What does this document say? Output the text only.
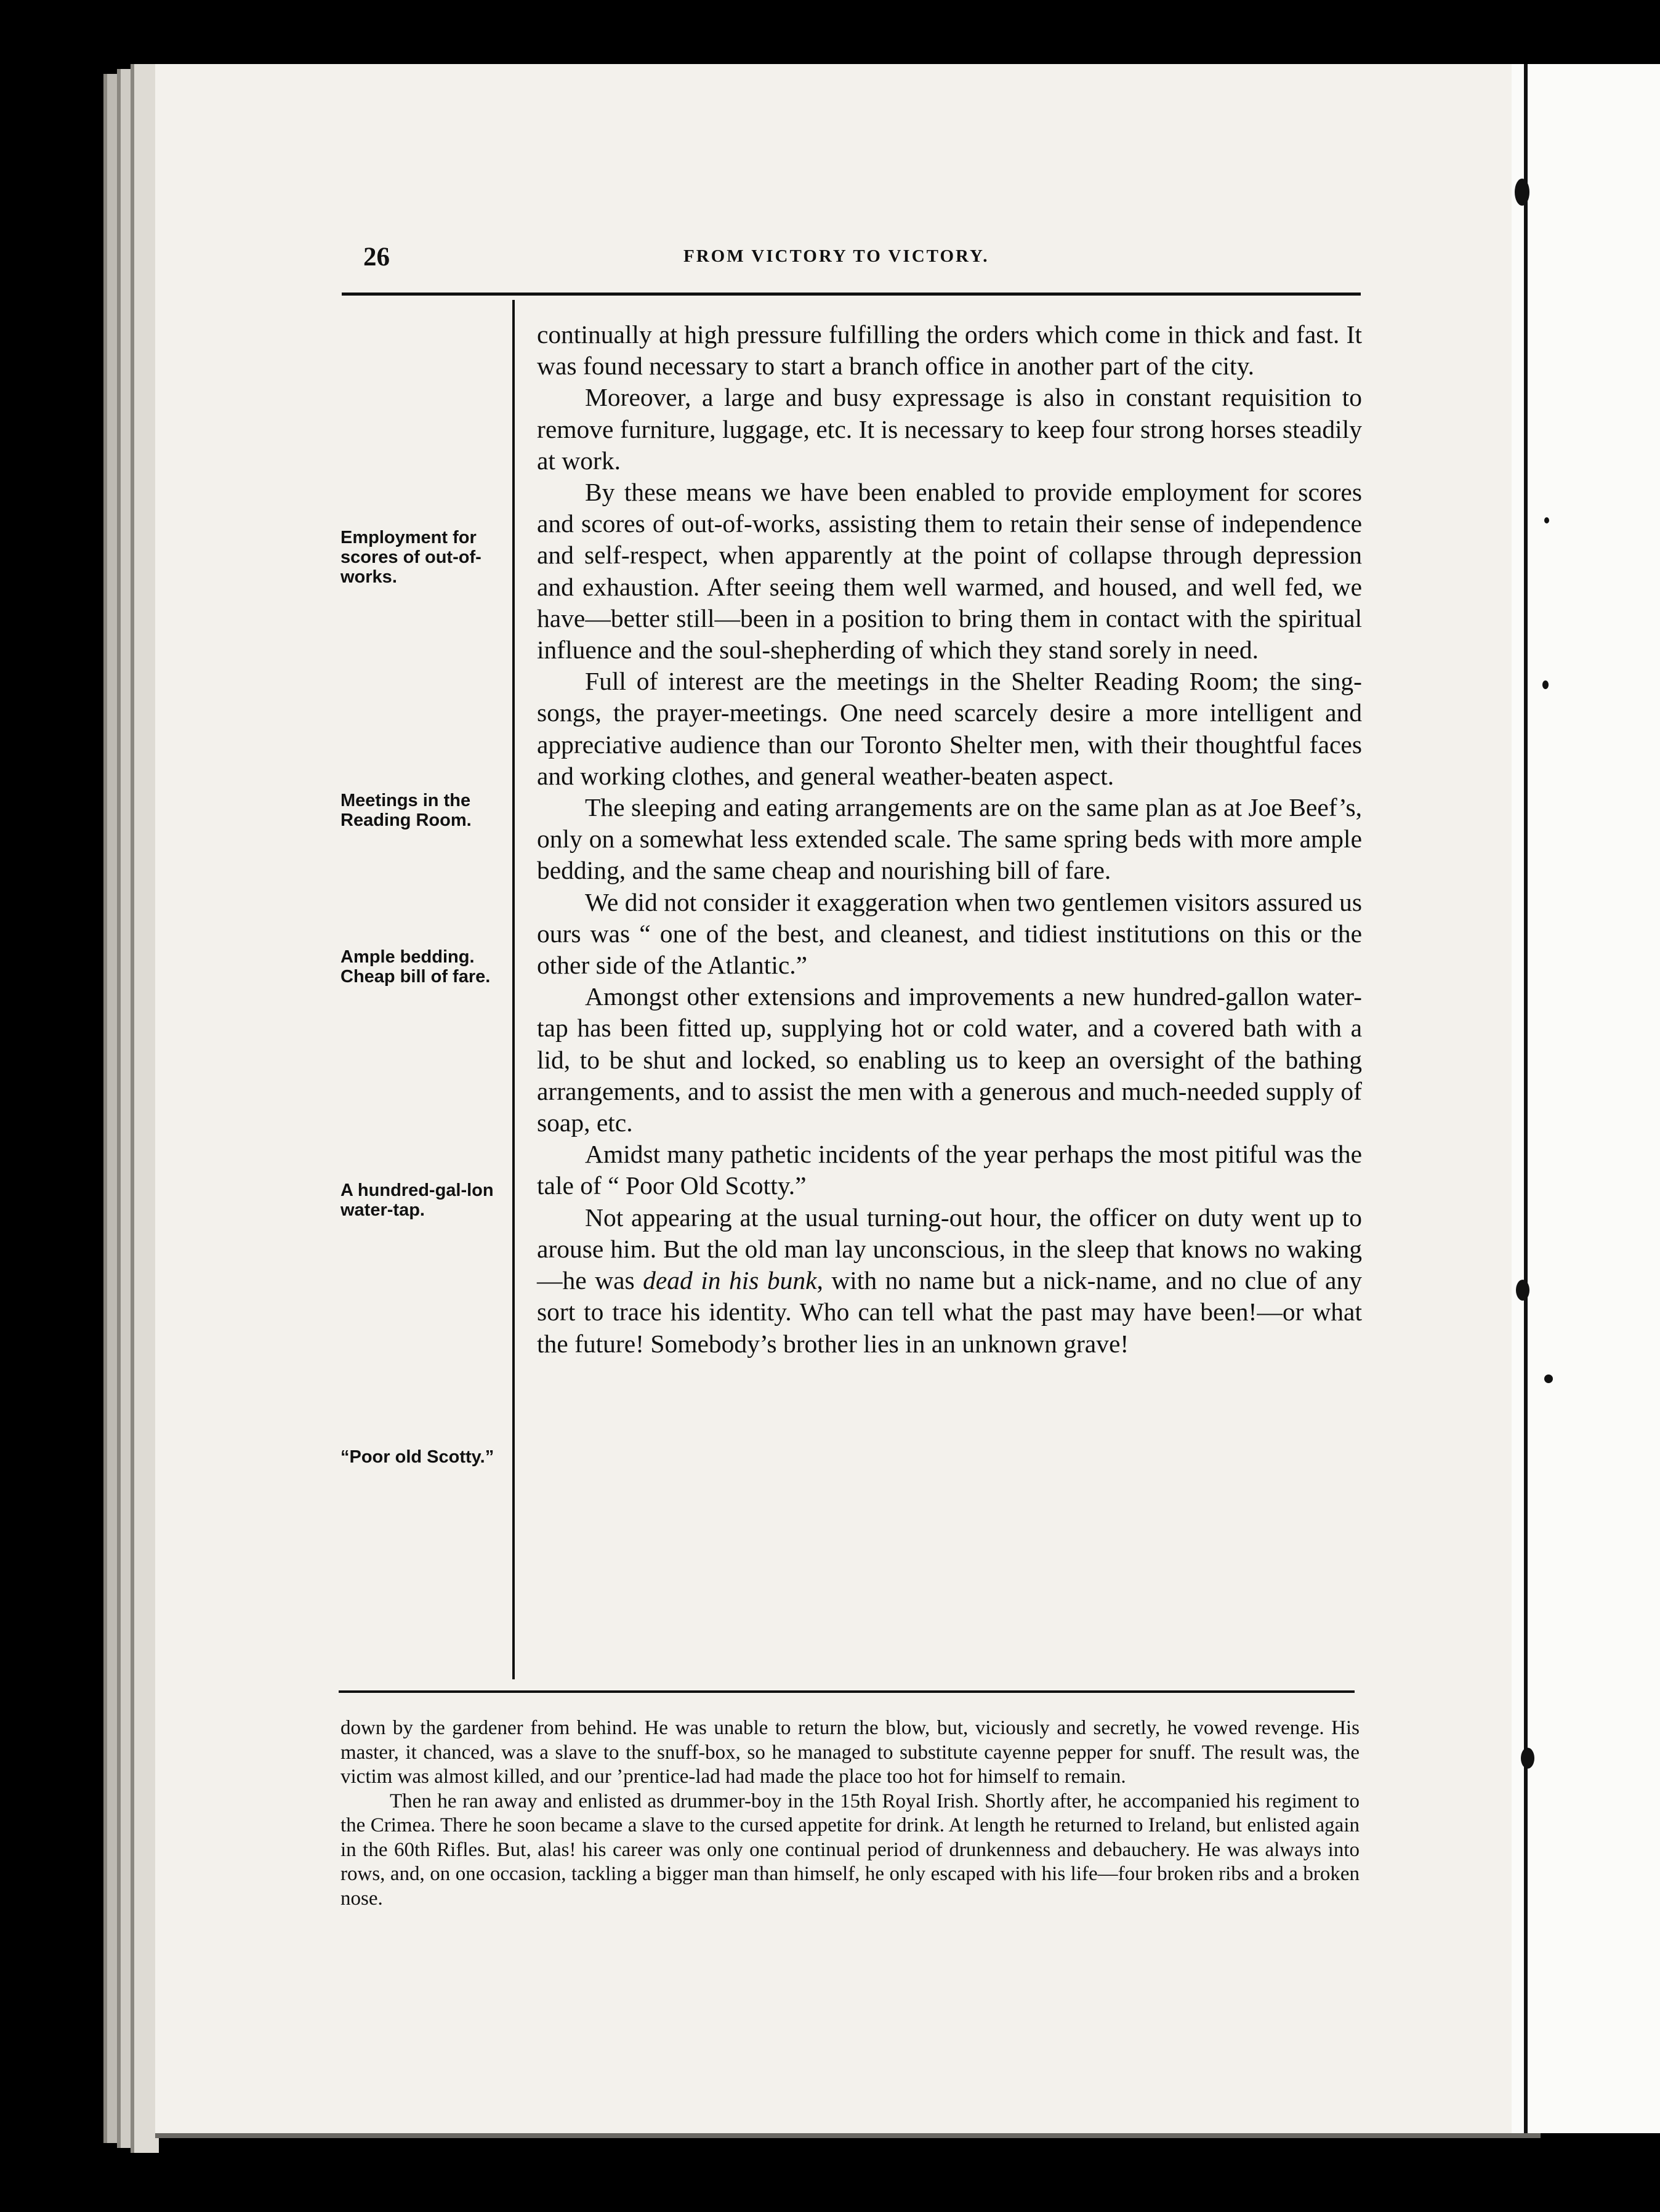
26	FROM VICTORY TO VICTORY.
Employment for scores of out-of-works.
Meetings in the Reading Room.
Ample bedding. Cheap bill of fare.
A hundred-gal-lon water-tap.
“Poor old Scotty.”

continually at high pressure fulfilling the orders which come in thick and fast. It was found necessary to start a branch office in another part of the city.

Moreover, a large and busy expressage is also in constant requisition to remove furniture, luggage, etc. It is necessary to keep four strong horses steadily at work.

By these means we have been enabled to provide employment for scores and scores of out-of-works, assisting them to retain their sense of independence and self-respect, when apparently at the point of collapse through depression and exhaustion. After seeing them well warmed, and housed, and well fed, we have—better still—been in a position to bring them in contact with the spiritual influence and the soul-shepherding of which they stand sorely in need.

Full of interest are the meetings in the Shelter Reading Room; the sing-songs, the prayer-meetings. One need scarcely desire a more intelligent and appreciative audience than our Toronto Shelter men, with their thoughtful faces and working clothes, and general weather-beaten aspect.

The sleeping and eating arrangements are on the same plan as at Joe Beef’s, only on a somewhat less extended scale. The same spring beds with more ample bedding, and the same cheap and nourishing bill of fare.

We did not consider it exaggeration when two gentlemen visitors assured us ours was “ one of the best, and cleanest, and tidiest institutions on this or the other side of the Atlantic.”

Amongst other extensions and improvements a new hundred-gallon water-tap has been fitted up, supplying hot or cold water, and a covered bath with a lid, to be shut and locked, so enabling us to keep an oversight of the bathing arrangements, and to assist the men with a generous and much-needed supply of soap, etc.

Amidst many pathetic incidents of the year perhaps the most pitiful was the tale of “ Poor Old Scotty.”

Not appearing at the usual turning-out hour, the officer on duty went up to arouse him. But the old man lay unconscious, in the sleep that knows no waking—he was dead in his bunk, with no name but a nick-name, and no clue of any sort to trace his identity. Who can tell what the past may have been!—or what the future! Somebody’s brother lies in an unknown grave!

down by the gardener from behind. He was unable to return the blow, but, viciously and secretly, he vowed revenge. His master, it chanced, was a slave to the snuff-box, so he managed to substitute cayenne pepper for snuff. The result was, the victim was almost killed, and our ’prentice-lad had made the place too hot for himself to remain.

Then he ran away and enlisted as drummer-boy in the 15th Royal Irish. Shortly after, he accompanied his regiment to the Crimea. There he soon became a slave to the cursed appetite for drink. At length he returned to Ireland, but enlisted again in the 60th Rifles. But, alas! his career was only one continual period of drunkenness and debauchery. He was always into rows, and, on one occasion, tackling a bigger man than himself, he only escaped with his life—four broken ribs and a broken nose.
